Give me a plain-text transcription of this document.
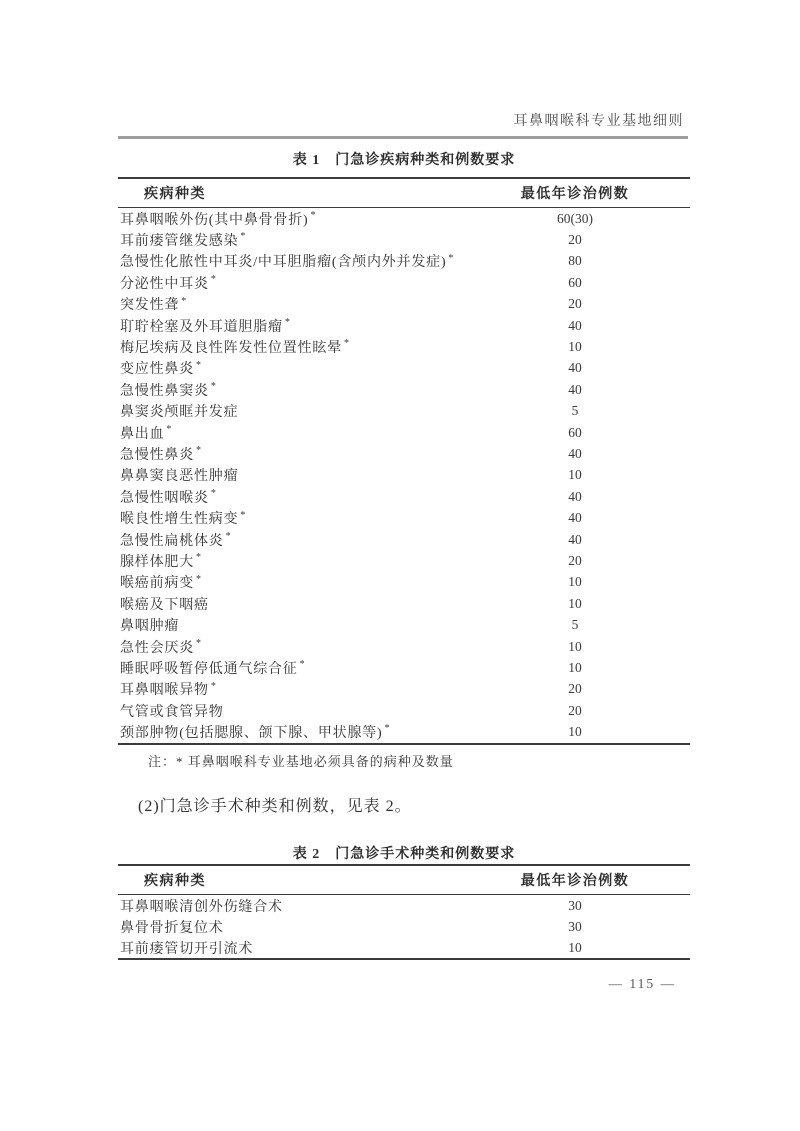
耳鼻咽喉科专业基地细则
表 1　门急诊疾病种类和例数要求
疾病种类	最低年诊治例数
耳鼻咽喉外伤(其中鼻骨骨折) *	60(30)
耳前瘘管继发感染 *	20
急慢性化脓性中耳炎/中耳胆脂瘤(含颅内外并发症) *	80
分泌性中耳炎 *	60
突发性聋 *	20
耵聍栓塞及外耳道胆脂瘤 *	40
梅尼埃病及良性阵发性位置性眩晕 *	10
变应性鼻炎 *	40
急慢性鼻窦炎 *	40
鼻窦炎颅眶并发症	5
鼻出血 *	60
急慢性鼻炎 *	40
鼻鼻窦良恶性肿瘤	10
急慢性咽喉炎 *	40
喉良性增生性病变 *	40
急慢性扁桃体炎 *	40
腺样体肥大 *	20
喉癌前病变 *	10
喉癌及下咽癌	10
鼻咽肿瘤	5
急性会厌炎 *	10
睡眠呼吸暂停低通气综合征 *	10
耳鼻咽喉异物 *	20
气管或食管异物	20
颈部肿物(包括腮腺、颌下腺、甲状腺等) *	10
注：* 耳鼻咽喉科专业基地必须具备的病种及数量
(2)门急诊手术种类和例数，见表 2。
表 2　门急诊手术种类和例数要求
疾病种类	最低年诊治例数
耳鼻咽喉清创外伤缝合术	30
鼻骨骨折复位术	30
耳前瘘管切开引流术	10
— 115 —
